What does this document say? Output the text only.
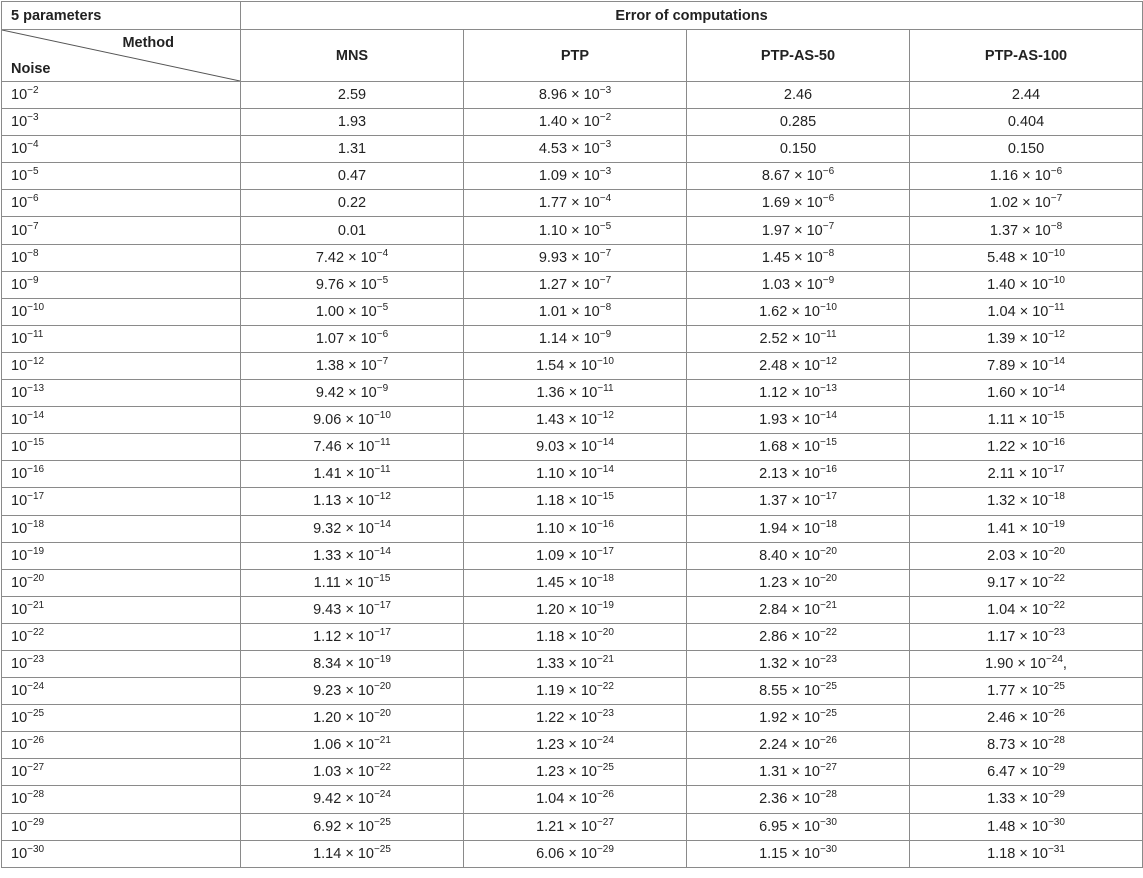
5 parameters	Error of computations			

Method
Noise	MNS	PTP	PTP-AS-50	PTP-AS-100
$10^{-2}$	2.59	$8.96 \times 10^{-3}$	2.46	2.44
$10^{-3}$	1.93	$1.40 \times 10^{-2}$	0.285	0.404
$10^{-4}$	1.31	$4.53 \times 10^{-3}$	0.150	0.150
$10^{-5}$	0.47	$1.09 \times 10^{-3}$	$8.67 \times 10^{-6}$	$1.16 \times 10^{-6}$
$10^{-6}$	0.22	$1.77 \times 10^{-4}$	$1.69 \times 10^{-6}$	$1.02 \times 10^{-7}$
$10^{-7}$	0.01	$1.10 \times 10^{-5}$	$1.97 \times 10^{-7}$	$1.37 \times 10^{-8}$
$10^{-8}$	$7.42 \times 10^{-4}$	$9.93 \times 10^{-7}$	$1.45 \times 10^{-8}$	$5.48 \times 10^{-10}$
$10^{-9}$	$9.76 \times 10^{-5}$	$1.27 \times 10^{-7}$	$1.03 \times 10^{-9}$	$1.40 \times 10^{-10}$
$10^{-10}$	$1.00 \times 10^{-5}$	$1.01 \times 10^{-8}$	$1.62 \times 10^{-10}$	$1.04 \times 10^{-11}$
$10^{-11}$	$1.07 \times 10^{-6}$	$1.14 \times 10^{-9}$	$2.52 \times 10^{-11}$	$1.39 \times 10^{-12}$
$10^{-12}$	$1.38 \times 10^{-7}$	$1.54 \times 10^{-10}$	$2.48 \times 10^{-12}$	$7.89 \times 10^{-14}$
$10^{-13}$	$9.42 \times 10^{-9}$	$1.36 \times 10^{-11}$	$1.12 \times 10^{-13}$	$1.60 \times 10^{-14}$
$10^{-14}$	$9.06 \times 10^{-10}$	$1.43 \times 10^{-12}$	$1.93 \times 10^{-14}$	$1.11 \times 10^{-15}$
$10^{-15}$	$7.46 \times 10^{-11}$	$9.03 \times 10^{-14}$	$1.68 \times 10^{-15}$	$1.22 \times 10^{-16}$
$10^{-16}$	$1.41 \times 10^{-11}$	$1.10 \times 10^{-14}$	$2.13 \times 10^{-16}$	$2.11 \times 10^{-17}$
$10^{-17}$	$1.13 \times 10^{-12}$	$1.18 \times 10^{-15}$	$1.37 \times 10^{-17}$	$1.32 \times 10^{-18}$
$10^{-18}$	$9.32 \times 10^{-14}$	$1.10 \times 10^{-16}$	$1.94 \times 10^{-18}$	$1.41 \times 10^{-19}$
$10^{-19}$	$1.33 \times 10^{-14}$	$1.09 \times 10^{-17}$	$8.40 \times 10^{-20}$	$2.03 \times 10^{-20}$
$10^{-20}$	$1.11 \times 10^{-15}$	$1.45 \times 10^{-18}$	$1.23 \times 10^{-20}$	$9.17 \times 10^{-22}$
$10^{-21}$	$9.43 \times 10^{-17}$	$1.20 \times 10^{-19}$	$2.84 \times 10^{-21}$	$1.04 \times 10^{-22}$
$10^{-22}$	$1.12 \times 10^{-17}$	$1.18 \times 10^{-20}$	$2.86 \times 10^{-22}$	$1.17 \times 10^{-23}$
$10^{-23}$	$8.34 \times 10^{-19}$	$1.33 \times 10^{-21}$	$1.32 \times 10^{-23}$	$1.90 \times 10^{-24}$,
$10^{-24}$	$9.23 \times 10^{-20}$	$1.19 \times 10^{-22}$	$8.55 \times 10^{-25}$	$1.77 \times 10^{-25}$
$10^{-25}$	$1.20 \times 10^{-20}$	$1.22 \times 10^{-23}$	$1.92 \times 10^{-25}$	$2.46 \times 10^{-26}$
$10^{-26}$	$1.06 \times 10^{-21}$	$1.23 \times 10^{-24}$	$2.24 \times 10^{-26}$	$8.73 \times 10^{-28}$
$10^{-27}$	$1.03 \times 10^{-22}$	$1.23 \times 10^{-25}$	$1.31 \times 10^{-27}$	$6.47 \times 10^{-29}$
$10^{-28}$	$9.42 \times 10^{-24}$	$1.04 \times 10^{-26}$	$2.36 \times 10^{-28}$	$1.33 \times 10^{-29}$
$10^{-29}$	$6.92 \times 10^{-25}$	$1.21 \times 10^{-27}$	$6.95 \times 10^{-30}$	$1.48 \times 10^{-30}$
$10^{-30}$	$1.14 \times 10^{-25}$	$6.06 \times 10^{-29}$	$1.15 \times 10^{-30}$	$1.18 \times 10^{-31}$
